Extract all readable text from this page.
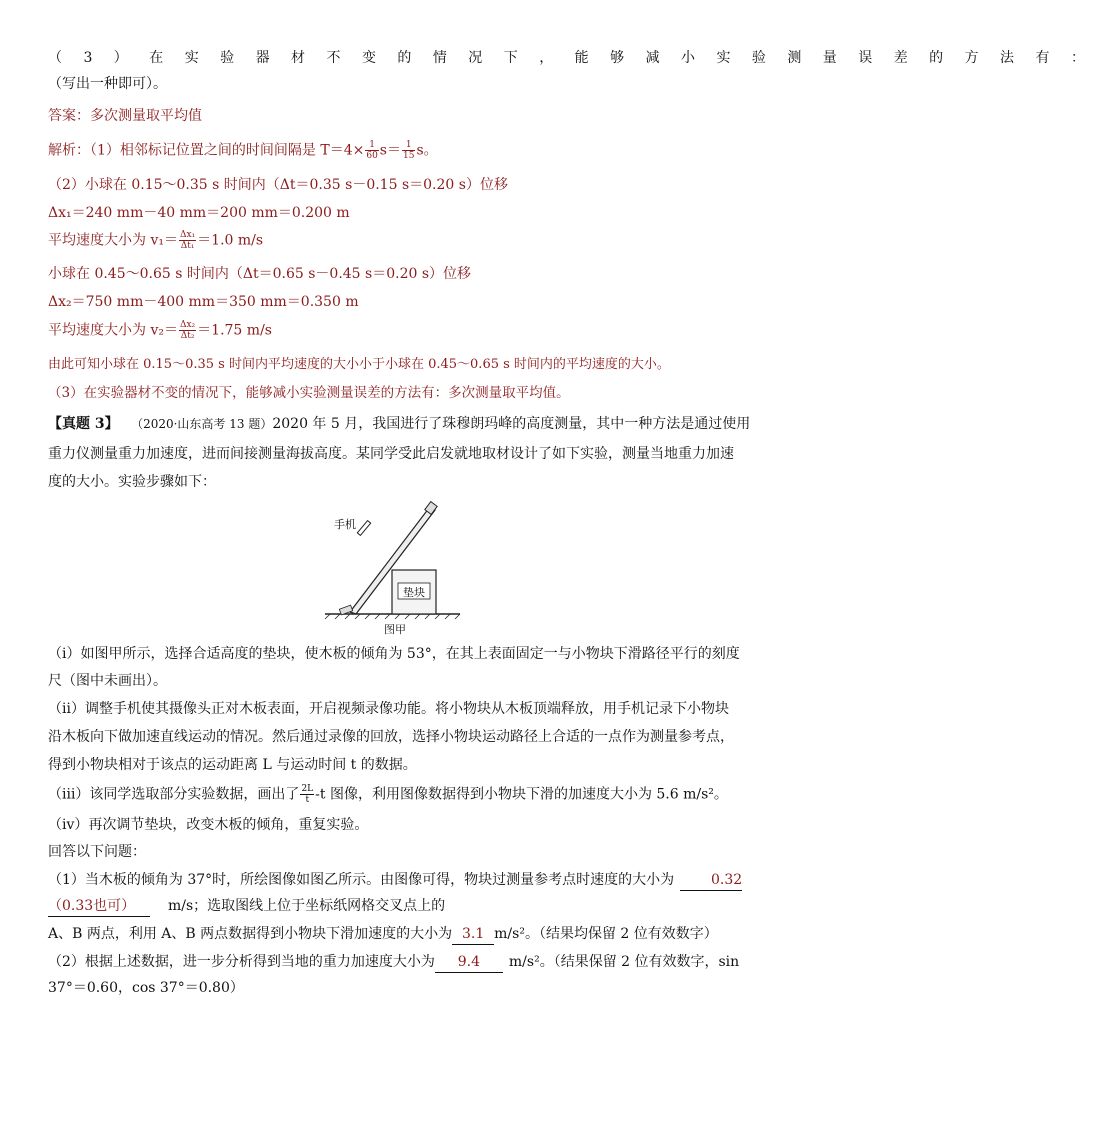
（ 3 ） 在 实 验 器 材 不 变 的 情 况 下 ， 能 够 减 小 实 验 测 量 误 差 的 方 法 有 ：
（写出一种即可）。
答案：多次测量取平均值
解析：（1）相邻标记位置之间的时间间隔是 $T=4\times \frac{1}{60} s= \frac{1}{15}$ s。
（2）小球在 0.15～0.35 s 时间内（Δt＝0.35 s－0.15 s＝0.20 s）位移
Δx₁＝240 mm－40 mm＝200 mm＝0.200 m
平均速度大小为 $v_1= \frac{\text{Δx₁}}{\text{Δt₁}} =1.0$ m/s
小球在 0.45～0.65 s 时间内（Δt＝0.65 s－0.45 s＝0.20 s）位移
Δx₂＝750 mm－400 mm＝350 mm＝0.350 m
平均速度大小为 $v_2= \frac{\text{Δx₂}}{\text{Δt₂}} =1.75$ m/s
由此可知小球在 0.15～0.35 s 时间内平均速度的大小小于小球在 0.45～0.65 s 时间内的平均速度的大小。
（3）在实验器材不变的情况下，能够减小实验测量误差的方法有：多次测量取平均值。
【真题 3】 （2020·山东高考 13 题）2020 年 5 月，我国进行了珠穆朗玛峰的高度测量，其中一种方法是通过使用
重力仪测量重力加速度，进而间接测量海拔高度。某同学受此启发就地取材设计了如下实验，测量当地重力加速
度的大小。实验步骤如下：
垫块
手机
图甲
（ⅰ）如图甲所示，选择合适高度的垫块，使木板的倾角为 53°，在其上表面固定一与小物块下滑路径平行的刻度
尺（图中未画出）。
（ⅱ）调整手机使其摄像头正对木板表面，开启视频录像功能。将小物块从木板顶端释放，用手机记录下小物块
沿木板向下做加速直线运动的情况。然后通过录像的回放，选择小物块运动路径上合适的一点作为测量参考点，
得到小物块相对于该点的运动距离 L 与运动时间 t 的数据。
（ⅲ）该同学选取部分实验数据，画出了 $\frac{2L}{t} -t$ 图像，利用图像数据得到小物块下滑的加速度大小为 5.6 m/s²。
（ⅳ）再次调节垫块，改变木板的倾角，重复实验。
回答以下问题：
（1）当木板的倾角为 37°时，所绘图像如图乙所示。由图像可得，物块过测量参考点时速度的大小为	0.32
（0.33也可） m/s；选取图线上位于坐标纸网格交叉点上的
A、B 两点，利用 A、B 两点数据得到小物块下滑加速度的大小为 3.1 m/s²。（结果均保留 2 位有效数字）
（2）根据上述数据，进一步分析得到当地的重力加速度大小为 9.4 m/s²。（结果保留 2 位有效数字，sin
37°＝0.60，cos 37°＝0.80）
